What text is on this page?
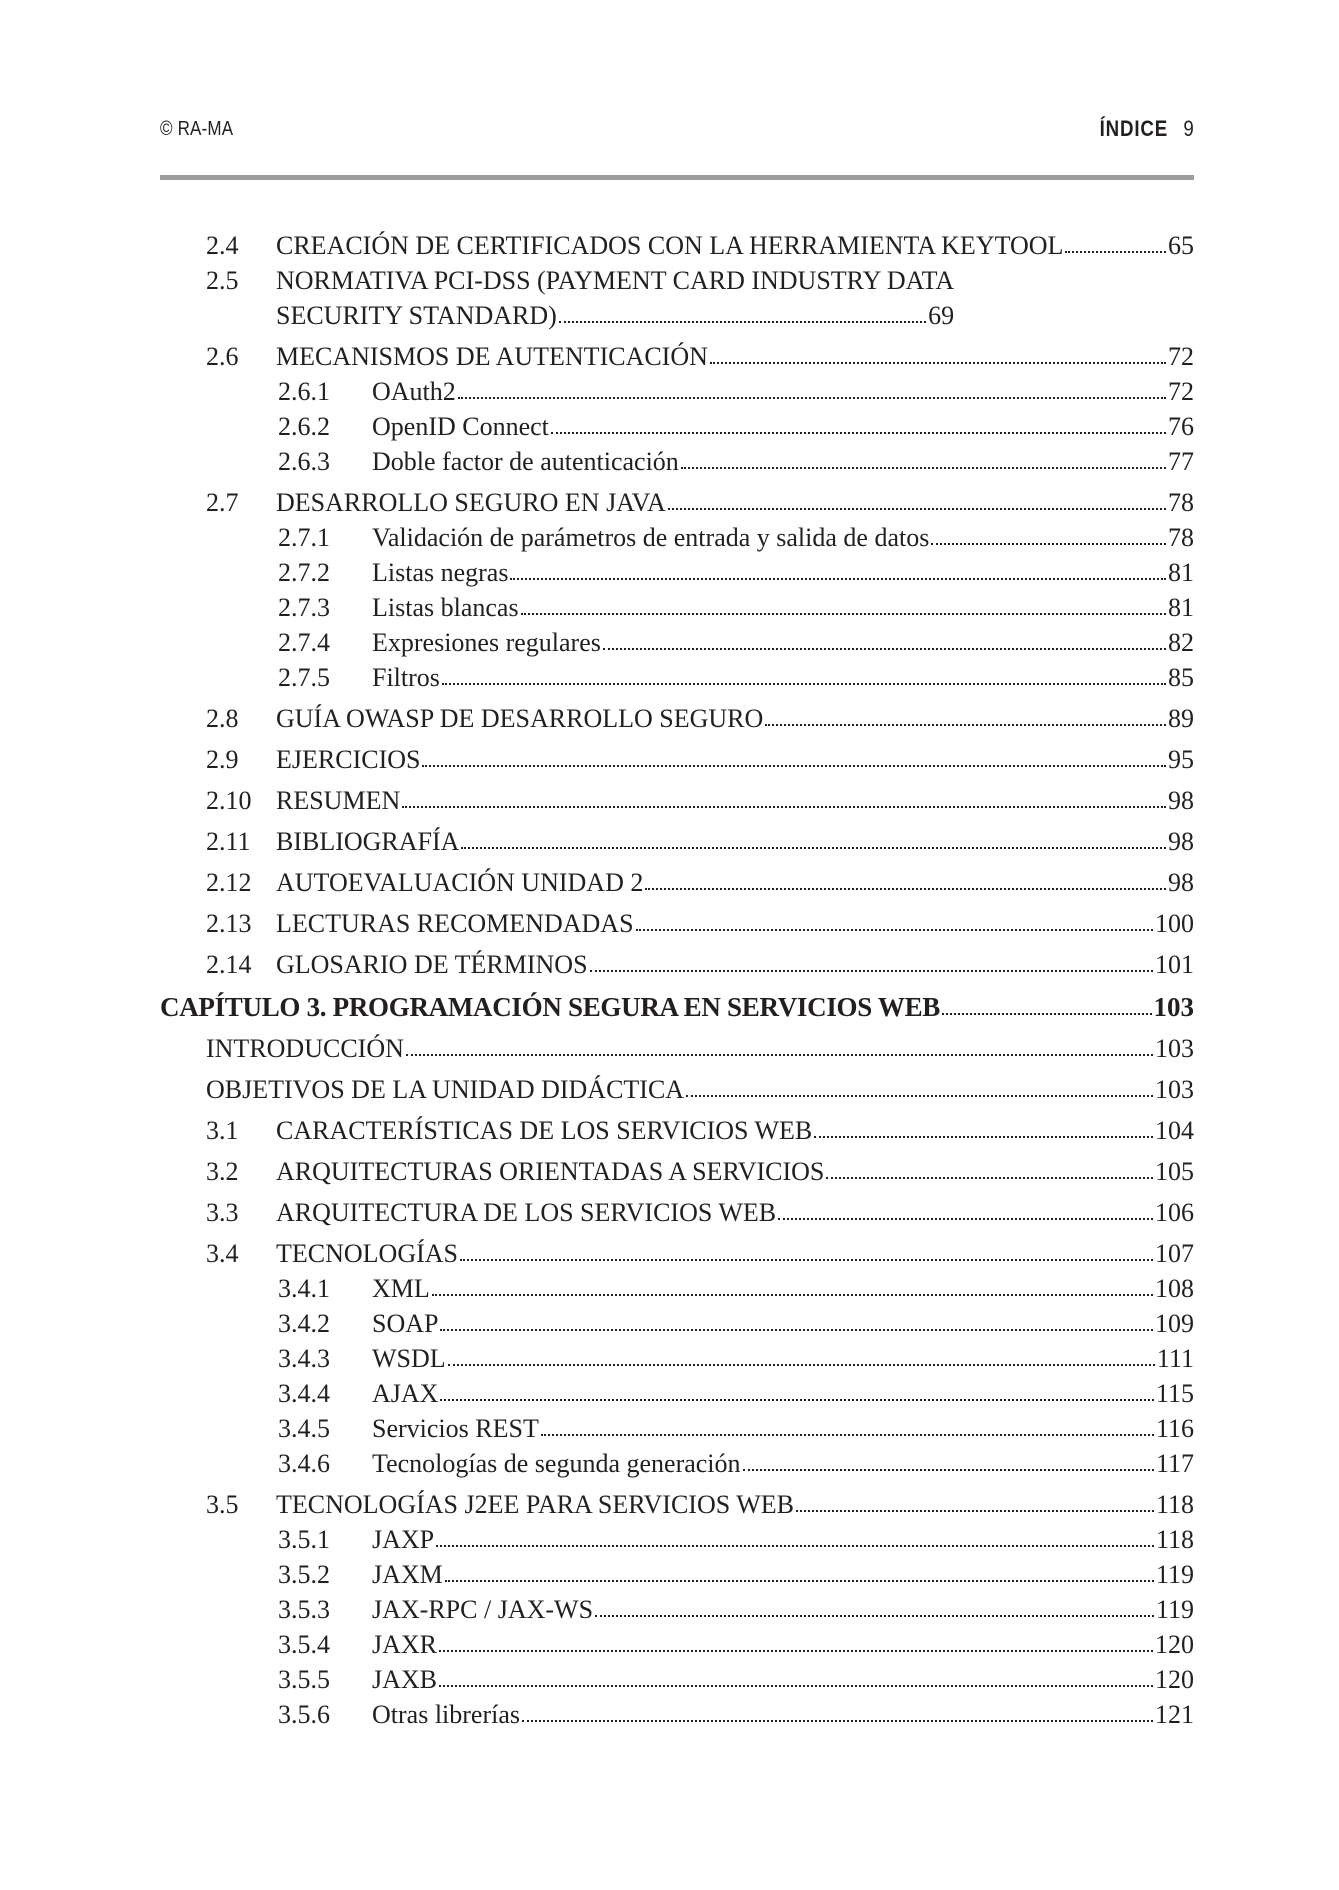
© RA-MA	ÍNDICE 9
2.4	CREACIÓN DE CERTIFICADOS CON LA HERRAMIENTA KEYTOOL	65
2.5	NORMATIVA PCI-DSS (PAYMENT CARD INDUSTRY DATA
SECURITY STANDARD)	69
2.6	MECANISMOS DE AUTENTICACIÓN	72
2.6.1	OAuth2	72
2.6.2	OpenID Connect	76
2.6.3	Doble factor de autenticación	77
2.7	DESARROLLO SEGURO EN JAVA	78
2.7.1	Validación de parámetros de entrada y salida de datos	78
2.7.2	Listas negras	81
2.7.3	Listas blancas	81
2.7.4	Expresiones regulares	82
2.7.5	Filtros	85
2.8	GUÍA OWASP DE DESARROLLO SEGURO	89
2.9	EJERCICIOS	95
2.10 RESUMEN	98
2.11 BIBLIOGRAFÍA	98
2.12 AUTOEVALUACIÓN UNIDAD 2	98
2.13 LECTURAS RECOMENDADAS	100
2.14 GLOSARIO DE TÉRMINOS	101
CAPÍTULO 3. PROGRAMACIÓN SEGURA EN SERVICIOS WEB	103
INTRODUCCIÓN	103
OBJETIVOS DE LA UNIDAD DIDÁCTICA	103
3.1	CARACTERÍSTICAS DE LOS SERVICIOS WEB	104
3.2	ARQUITECTURAS ORIENTADAS A SERVICIOS	105
3.3	ARQUITECTURA DE LOS SERVICIOS WEB	106
3.4	TECNOLOGÍAS	107
3.4.1	XML	108
3.4.2	SOAP	109
3.4.3	WSDL	111
3.4.4	AJAX	115
3.4.5	Servicios REST	116
3.4.6	Tecnologías de segunda generación	117
3.5	TECNOLOGÍAS J2EE PARA SERVICIOS WEB	118
3.5.1	JAXP	118
3.5.2	JAXM	119
3.5.3	JAX-RPC / JAX-WS	119
3.5.4	JAXR	120
3.5.5	JAXB	120
3.5.6	Otras librerías	121
